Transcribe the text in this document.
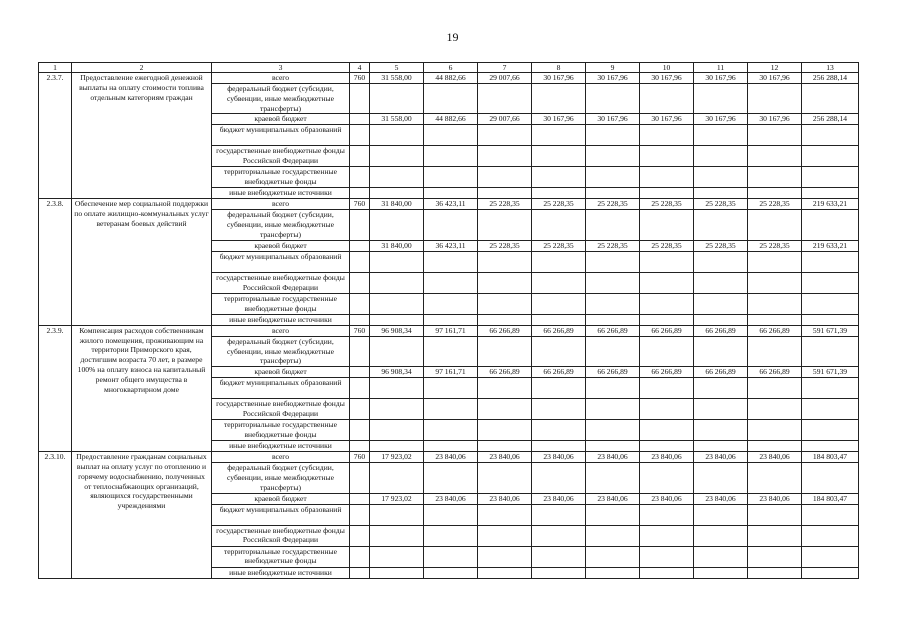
19
1	2	3	4	5	6	7	8	9	10	11	12	13
2.3.7.	Предоставление ежегодной денежной выплаты на оплату стоимости топлива отдельным категориям граждан	всего	760	31 558,00	44 882,66	29 007,66	30 167,96	30 167,96	30 167,96	30 167,96	30 167,96	256 288,14
		федеральный бюджет (субсидии, субвенции, иные межбюджетные трансферты)										
		краевой бюджет		31 558,00	44 882,66	29 007,66	30 167,96	30 167,96	30 167,96	30 167,96	30 167,96	256 288,14
		бюджет муниципальных образований										
		государственные внебюджетные фонды Российской Федерации										
		территориальные государственные внебюджетные фонды										
		иные внебюджетные источники										
2.3.8.	Обеспечение мер социальной поддержки по оплате жилищно-коммунальных услуг ветеранам боевых действий	всего	760	31 840,00	36 423,11	25 228,35	25 228,35	25 228,35	25 228,35	25 228,35	25 228,35	219 633,21
		федеральный бюджет (субсидии, субвенции, иные межбюджетные трансферты)										
		краевой бюджет		31 840,00	36 423,11	25 228,35	25 228,35	25 228,35	25 228,35	25 228,35	25 228,35	219 633,21
		бюджет муниципальных образований										
		государственные внебюджетные фонды Российской Федерации										
		территориальные государственные внебюджетные фонды										
		иные внебюджетные источники										
2.3.9.	Компенсация расходов собственникам жилого помещения, проживающим на территории Приморского края, достигшим возраста 70 лет, в размере 100% на оплату взноса на капитальный ремонт общего имущества в многоквартирном доме	всего	760	96 908,34	97 161,71	66 266,89	66 266,89	66 266,89	66 266,89	66 266,89	66 266,89	591 671,39
		федеральный бюджет (субсидии, субвенции, иные межбюджетные трансферты)										
		краевой бюджет		96 908,34	97 161,71	66 266,89	66 266,89	66 266,89	66 266,89	66 266,89	66 266,89	591 671,39
		бюджет муниципальных образований										
		государственные внебюджетные фонды Российской Федерации										
		территориальные государственные внебюджетные фонды										
		иные внебюджетные источники										
2.3.10.	Предоставление гражданам социальных выплат на оплату услуг по отоплению и горячему водоснабжению, полученных от теплоснабжающих организаций, являющихся государственными учреждениями	всего	760	17 923,02	23 840,06	23 840,06	23 840,06	23 840,06	23 840,06	23 840,06	23 840,06	184 803,47
		федеральный бюджет (субсидии, субвенции, иные межбюджетные трансферты)										
		краевой бюджет		17 923,02	23 840,06	23 840,06	23 840,06	23 840,06	23 840,06	23 840,06	23 840,06	184 803,47
		бюджет муниципальных образований										
		государственные внебюджетные фонды Российской Федерации										
		территориальные государственные внебюджетные фонды										
		иные внебюджетные источники										
